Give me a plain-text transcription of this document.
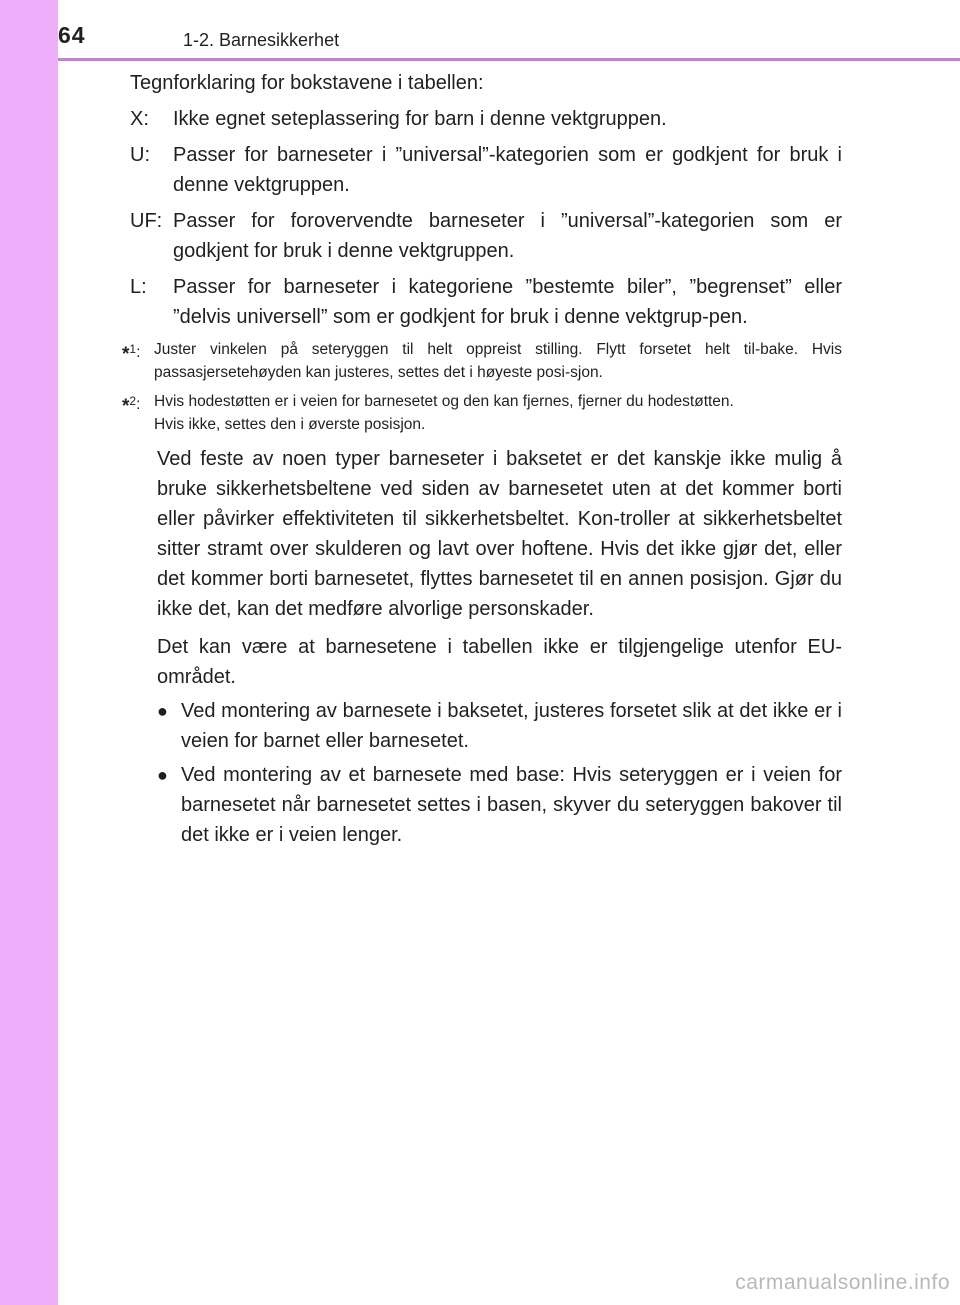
64	1-2. Barnesikkerhet

Tegnforklaring for bokstavene i tabellen:

X:	Ikke egnet seteplassering for barn i denne vektgruppen.
U:	Passer for barneseter i ”universal”-kategorien som er godkjent for bruk i denne vektgruppen.
UF: Passer for forovervendte barneseter i ”universal”-kategorien som er godkjent for bruk i denne vektgruppen.
L:	Passer for barneseter i kategoriene ”bestemte biler”, ”begrenset” eller ”delvis universell” som er godkjent for bruk i denne vektgrup-pen.
*$^1$: Juster vinkelen på seteryggen til helt oppreist stilling. Flytt forsetet helt til-bake. Hvis passasjersetehøyden kan justeres, settes det i høyeste posi-sjon.
*$^2$: Hvis hodestøtten er i veien for barnesetet og den kan fjernes, fjerner du hodestøtten.
Hvis ikke, settes den i øverste posisjon.

Ved feste av noen typer barneseter i baksetet er det kanskje ikke mulig å bruke sikkerhetsbeltene ved siden av barnesetet uten at det kommer borti eller påvirker effektiviteten til sikkerhetsbeltet. Kon-troller at sikkerhetsbeltet sitter stramt over skulderen og lavt over hoftene. Hvis det ikke gjør det, eller det kommer borti barnesetet, flyttes barnesetet til en annen posisjon. Gjør du ikke det, kan det medføre alvorlige personskader.

Det kan være at barnesetene i tabellen ikke er tilgjengelige utenfor EU-området.

● Ved montering av barnesete i baksetet, justeres forsetet slik at det ikke er i veien for barnet eller barnesetet.
● Ved montering av et barnesete med base: Hvis seteryggen er i veien for barnesetet når barnesetet settes i basen, skyver du seteryggen bakover til det ikke er i veien lenger.
carmanualsonline.info
